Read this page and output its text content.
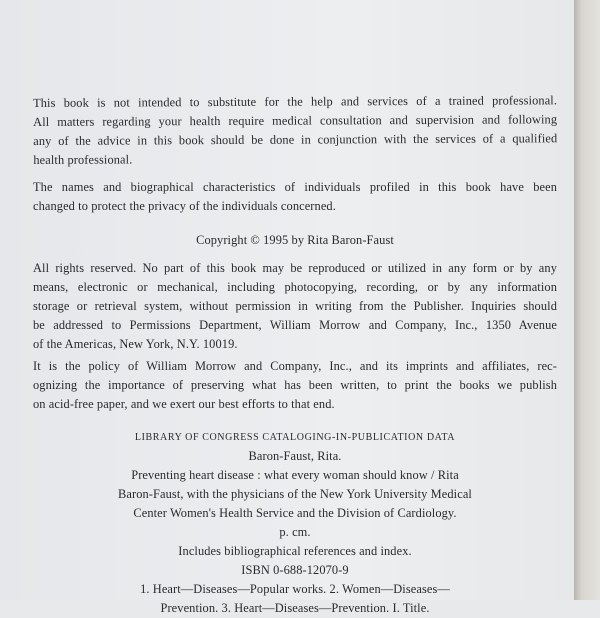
This book is not intended to substitute for the help and services of a trained professional.
All matters regarding your health require medical consultation and supervision and following
any of the advice in this book should be done in conjunction with the services of a qualified
health professional.
The names and biographical characteristics of individuals profiled in this book have been
changed to protect the privacy of the individuals concerned.
Copyright © 1995 by Rita Baron-Faust
All rights reserved. No part of this book may be reproduced or utilized in any form or by any
means, electronic or mechanical, including photocopying, recording, or by any information
storage or retrieval system, without permission in writing from the Publisher. Inquiries should
be addressed to Permissions Department, William Morrow and Company, Inc., 1350 Avenue
of the Americas, New York, N.Y. 10019.
It is the policy of William Morrow and Company, Inc., and its imprints and affiliates, rec-
ognizing the importance of preserving what has been written, to print the books we publish
on acid-free paper, and we exert our best efforts to that end.
LIBRARY OF CONGRESS CATALOGING-IN-PUBLICATION DATA
Baron-Faust, Rita.
Preventing heart disease : what every woman should know / Rita
Baron-Faust, with the physicians of the New York University Medical
Center Women's Health Service and the Division of Cardiology.
p. cm.
Includes bibliographical references and index.
ISBN 0-688-12070-9
1. Heart—Diseases—Popular works. 2. Women—Diseases—
Prevention. 3. Heart—Diseases—Prevention. I. Title.
